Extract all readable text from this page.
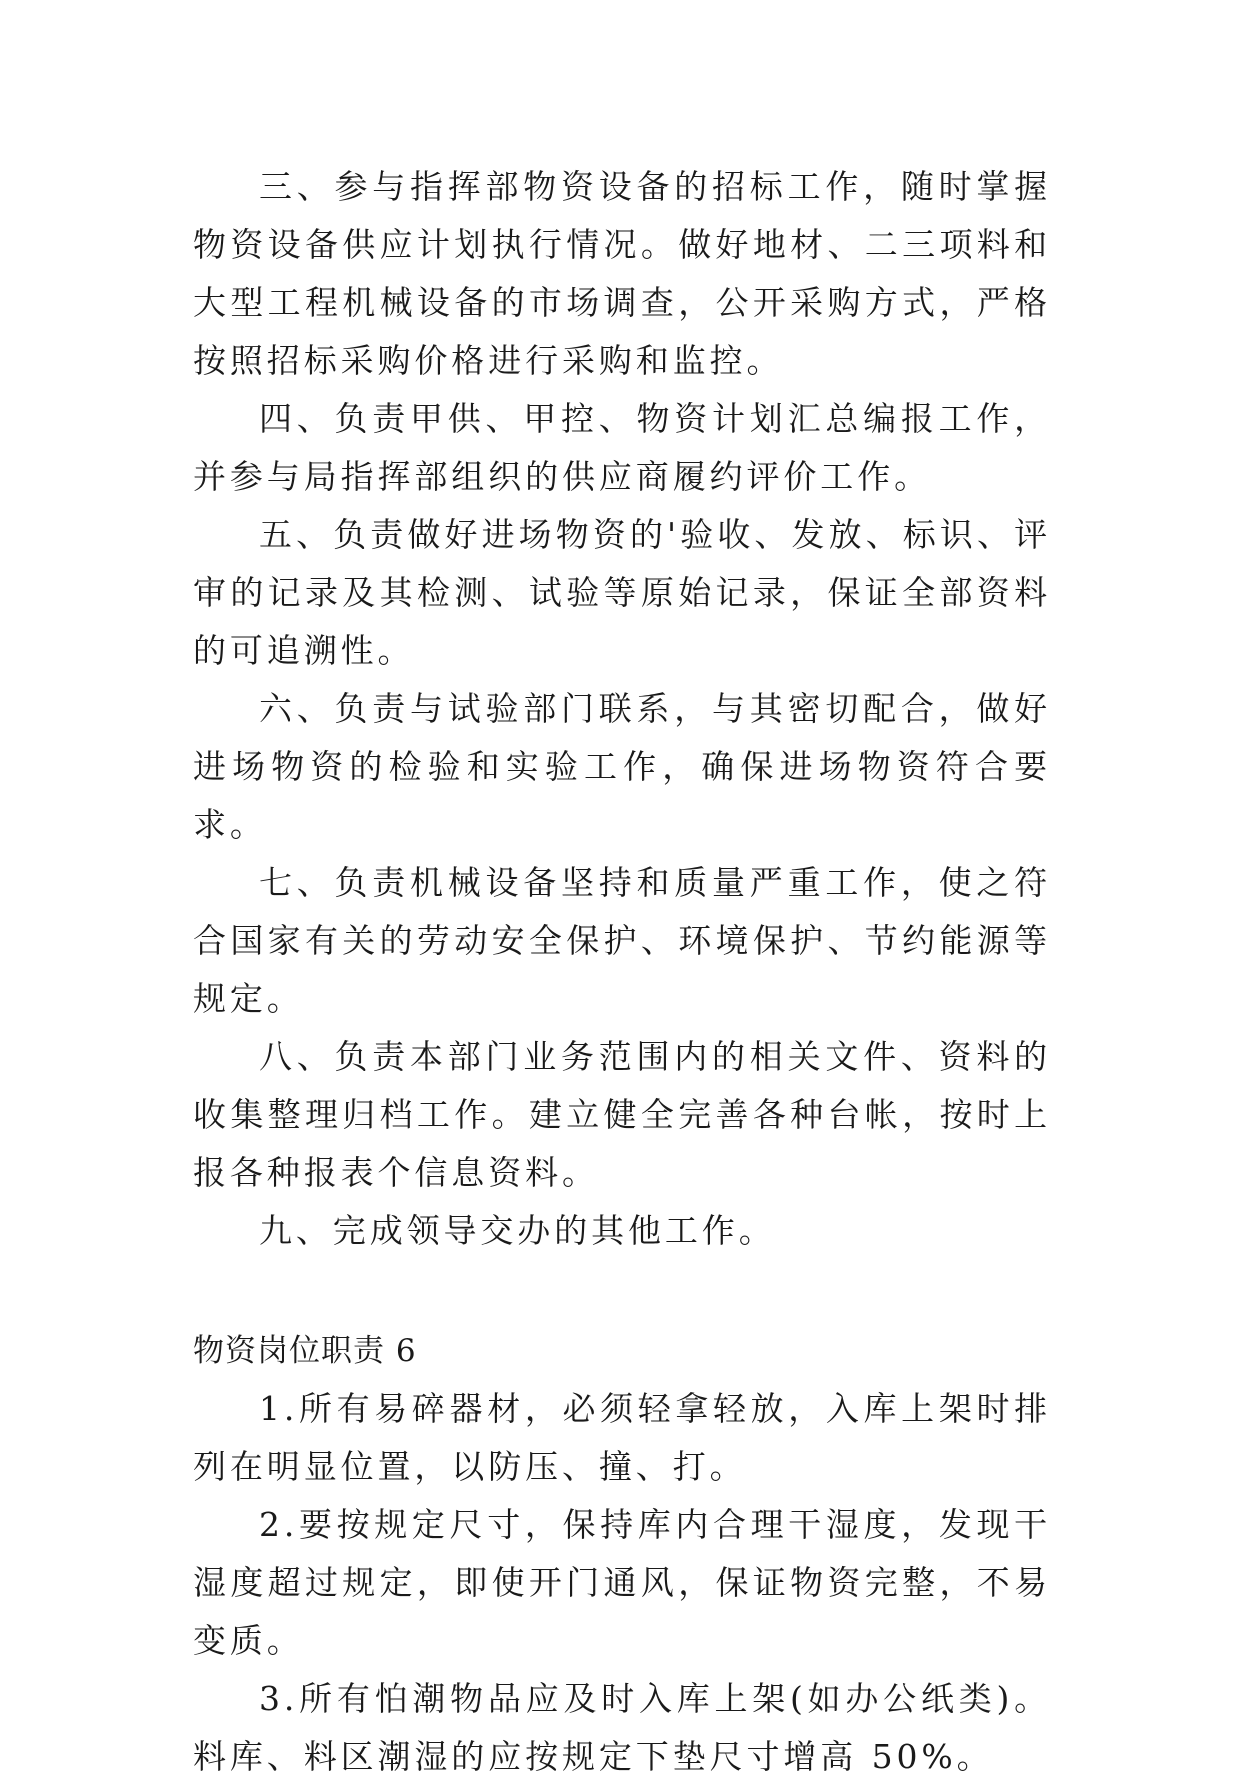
三、参与指挥部物资设备的招标工作，随时掌握物资设备供应计划执行情况。做好地材、二三项料和大型工程机械设备的市场调查，公开采购方式，严格按照招标采购价格进行采购和监控。

四、负责甲供、甲控、物资计划汇总编报工作，并参与局指挥部组织的供应商履约评价工作。

五、负责做好进场物资的'验收、发放、标识、评审的记录及其检测、试验等原始记录，保证全部资料的可追溯性。

六、负责与试验部门联系，与其密切配合，做好进场物资的检验和实验工作，确保进场物资符合要求。

七、负责机械设备坚持和质量严重工作，使之符合国家有关的劳动安全保护、环境保护、节约能源等规定。

八、负责本部门业务范围内的相关文件、资料的收集整理归档工作。建立健全完善各种台帐，按时上报各种报表个信息资料。

九、完成领导交办的其他工作。

物资岗位职责 6

1.所有易碎器材，必须轻拿轻放，入库上架时排列在明显位置，以防压、撞、打。

2.要按规定尺寸，保持库内合理干湿度，发现干湿度超过规定，即使开门通风，保证物资完整，不易变质。

3.所有怕潮物品应及时入库上架(如办公纸类)。料库、料区潮湿的应按规定下垫尺寸增高 50%。
